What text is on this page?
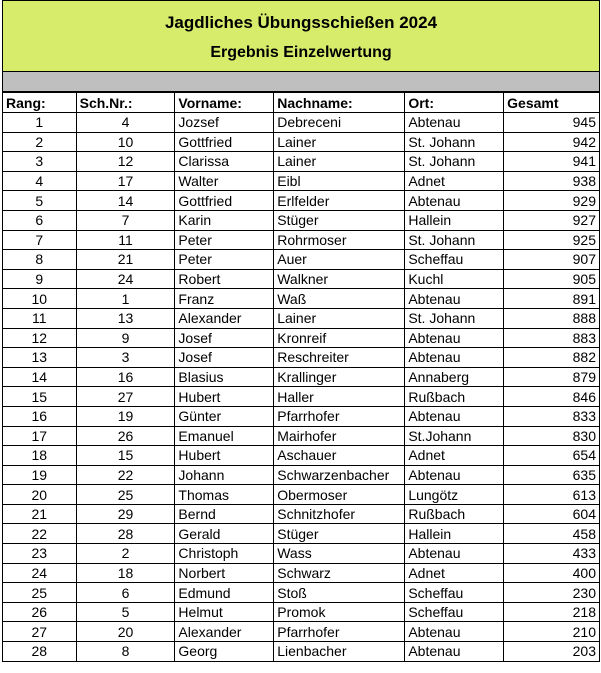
Jagdliches Übungsschießen 2024
Ergebnis Einzelwertung
Rang:	Sch.Nr.:	Vorname:	Nachname:	Ort:	Gesamt
1	4	Jozsef	Debreceni	Abtenau	945
2	10	Gottfried	Lainer	St. Johann	942
3	12	Clarissa	Lainer	St. Johann	941
4	17	Walter	Eibl	Adnet	938
5	14	Gottfried	Erlfelder	Abtenau	929
6	7	Karin	Stüger	Hallein	927
7	11	Peter	Rohrmoser	St. Johann	925
8	21	Peter	Auer	Scheffau	907
9	24	Robert	Walkner	Kuchl	905
10	1	Franz	Waß	Abtenau	891
11	13	Alexander	Lainer	St. Johann	888
12	9	Josef	Kronreif	Abtenau	883
13	3	Josef	Reschreiter	Abtenau	882
14	16	Blasius	Krallinger	Annaberg	879
15	27	Hubert	Haller	Rußbach	846
16	19	Günter	Pfarrhofer	Abtenau	833
17	26	Emanuel	Mairhofer	St.Johann	830
18	15	Hubert	Aschauer	Adnet	654
19	22	Johann	Schwarzenbacher	Abtenau	635
20	25	Thomas	Obermoser	Lungötz	613
21	29	Bernd	Schnitzhofer	Rußbach	604
22	28	Gerald	Stüger	Hallein	458
23	2	Christoph	Wass	Abtenau	433
24	18	Norbert	Schwarz	Adnet	400
25	6	Edmund	Stoß	Scheffau	230
26	5	Helmut	Promok	Scheffau	218
27	20	Alexander	Pfarrhofer	Abtenau	210
28	8	Georg	Lienbacher	Abtenau	203
